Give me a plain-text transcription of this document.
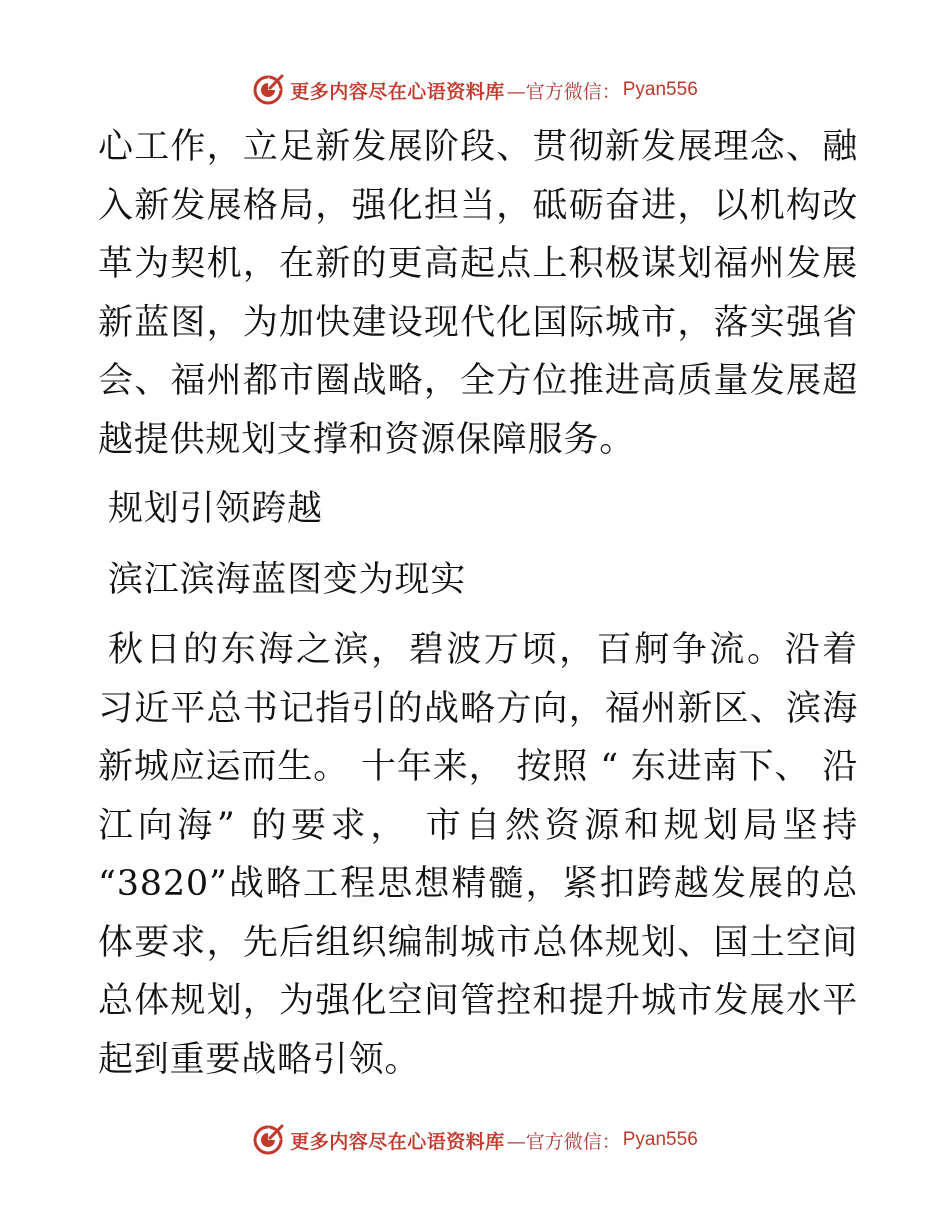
更多内容尽在心语资料库 —官方微信： Pyan556

心工作，立足新发展阶段、贯彻新发展理念、融入新发展格局，强化担当，砥砺奋进，以机构改革为契机，在新的更高起点上积极谋划福州发展新蓝图，为加快建设现代化国际城市，落实强省会、福州都市圈战略，全方位推进高质量发展超越提供规划支撑和资源保障服务。

规划引领跨越

滨江滨海蓝图变为现实

秋日的东海之滨，碧波万顷，百舸争流。沿着习近平总书记指引的战略方向，福州新区、滨海新城应运而生。 十年来， 按照 “ 东进南下、 沿江向海” 的要求， 市自然资源和规划局坚持 “3820”战略工程思想精髓，紧扣跨越发展的总体要求，先后组织编制城市总体规划、国土空间总体规划，为强化空间管控和提升城市发展水平起到重要战略引领。

更多内容尽在心语资料库 —官方微信： Pyan556
